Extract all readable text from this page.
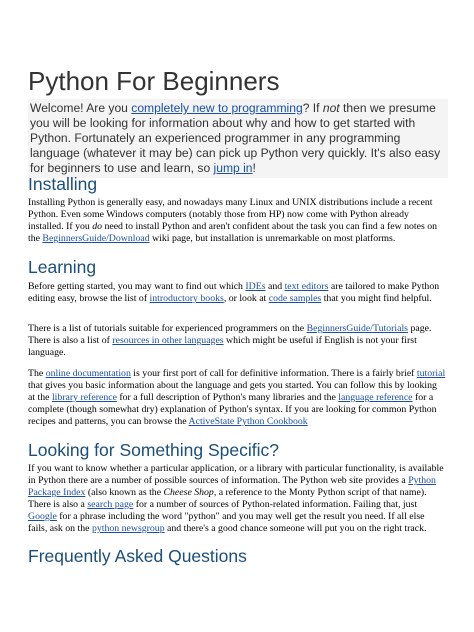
Python For Beginners
Welcome! Are you completely new to programming? If not then we presume you will be looking for information about why and how to get started with Python. Fortunately an experienced programmer in any programming language (whatever it may be) can pick up Python very quickly. It's also easy for beginners to use and learn, so jump in!
Installing
Installing Python is generally easy, and nowadays many Linux and UNIX distributions include a recent Python. Even some Windows computers (notably those from HP) now come with Python already installed. If you do need to install Python and aren't confident about the task you can find a few notes on the BeginnersGuide/Download wiki page, but installation is unremarkable on most platforms.
Learning
Before getting started, you may want to find out which IDEs and text editors are tailored to make Python editing easy, browse the list of introductory books, or look at code samples that you might find helpful.
There is a list of tutorials suitable for experienced programmers on the BeginnersGuide/Tutorials page. There is also a list of resources in other languages which might be useful if English is not your first language.
The online documentation is your first port of call for definitive information. There is a fairly brief tutorial that gives you basic information about the language and gets you started. You can follow this by looking at the library reference for a full description of Python's many libraries and the language reference for a complete (though somewhat dry) explanation of Python's syntax. If you are looking for common Python recipes and patterns, you can browse the ActiveState Python Cookbook
Looking for Something Specific?
If you want to know whether a particular application, or a library with particular functionality, is available in Python there are a number of possible sources of information. The Python web site provides a Python Package Index (also known as the Cheese Shop, a reference to the Monty Python script of that name). There is also a search page for a number of sources of Python-related information. Failing that, just Google for a phrase including the word "python" and you may well get the result you need. If all else fails, ask on the python newsgroup and there's a good chance someone will put you on the right track.
Frequently Asked Questions
